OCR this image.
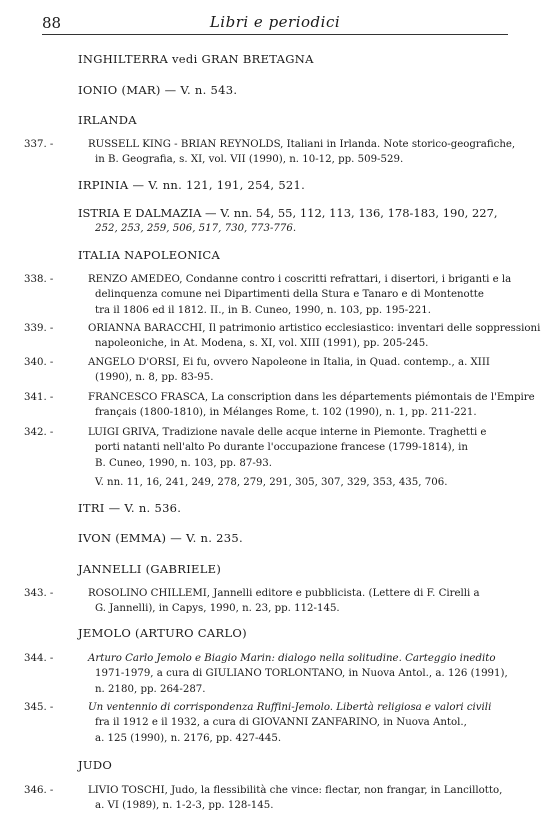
88	Libri e periodici
INGHILTERRA vedi GRAN BRETAGNA
IONIO (MAR) — V. n. 543.
IRLANDA
337. -	RUSSELL KING - BRIAN REYNOLDS, Italiani in Irlanda. Note storico-geografiche,
in B. Geografia, s. XI, vol. VII (1990), n. 10-12, pp. 509-529.
IRPINIA — V. nn. 121, 191, 254, 521.
ISTRIA E DALMAZIA — V. nn. 54, 55, 112, 113, 136, 178-183, 190, 227,
252, 253, 259, 506, 517, 730, 773-776.
ITALIA NAPOLEONICA
338. -	RENZO AMEDEO, Condanne contro i coscritti refrattari, i disertori, i briganti e la
delinquenza comune nei Dipartimenti della Stura e Tanaro e di Montenotte
tra il 1806 ed il 1812. II., in B. Cuneo, 1990, n. 103, pp. 195-221.
339. -	ORIANNA BARACCHI, Il patrimonio artistico ecclesiastico: inventari delle soppressioni
napoleoniche, in At. Modena, s. XI, vol. XIII (1991), pp. 205-245.
340. -	ANGELO D'ORSI, Ei fu, ovvero Napoleone in Italia, in Quad. contemp., a. XIII
(1990), n. 8, pp. 83-95.
341. -	FRANCESCO FRASCA, La conscription dans les départements piémontais de l'Empire
français (1800-1810), in Mélanges Rome, t. 102 (1990), n. 1, pp. 211-221.
342. -	LUIGI GRIVA, Tradizione navale delle acque interne in Piemonte. Traghetti e
porti natanti nell'alto Po durante l'occupazione francese (1799-1814), in
B. Cuneo, 1990, n. 103, pp. 87-93.
V. nn. 11, 16, 241, 249, 278, 279, 291, 305, 307, 329, 353, 435, 706.
ITRI — V. n. 536.
IVON (EMMA) — V. n. 235.
JANNELLI (GABRIELE)
343. -	ROSOLINO CHILLEMI, Jannelli editore e pubblicista. (Lettere di F. Cirelli a
G. Jannelli), in Capys, 1990, n. 23, pp. 112-145.
JEMOLO (ARTURO CARLO)
344. -	Arturo Carlo Jemolo e Biagio Marin: dialogo nella solitudine. Carteggio inedito
1971-1979, a cura di GIULIANO TORLONTANO, in Nuova Antol., a. 126 (1991),
n. 2180, pp. 264-287.
345. -	Un ventennio di corrispondenza Ruffini-Jemolo. Libertà religiosa e valori civili
fra il 1912 e il 1932, a cura di GIOVANNI ZANFARINO, in Nuova Antol.,
a. 125 (1990), n. 2176, pp. 427-445.
JUDO
346. -	LIVIO TOSCHI, Judo, la flessibilità che vince: flectar, non frangar, in Lancillotto,
a. VI (1989), n. 1-2-3, pp. 128-145.
